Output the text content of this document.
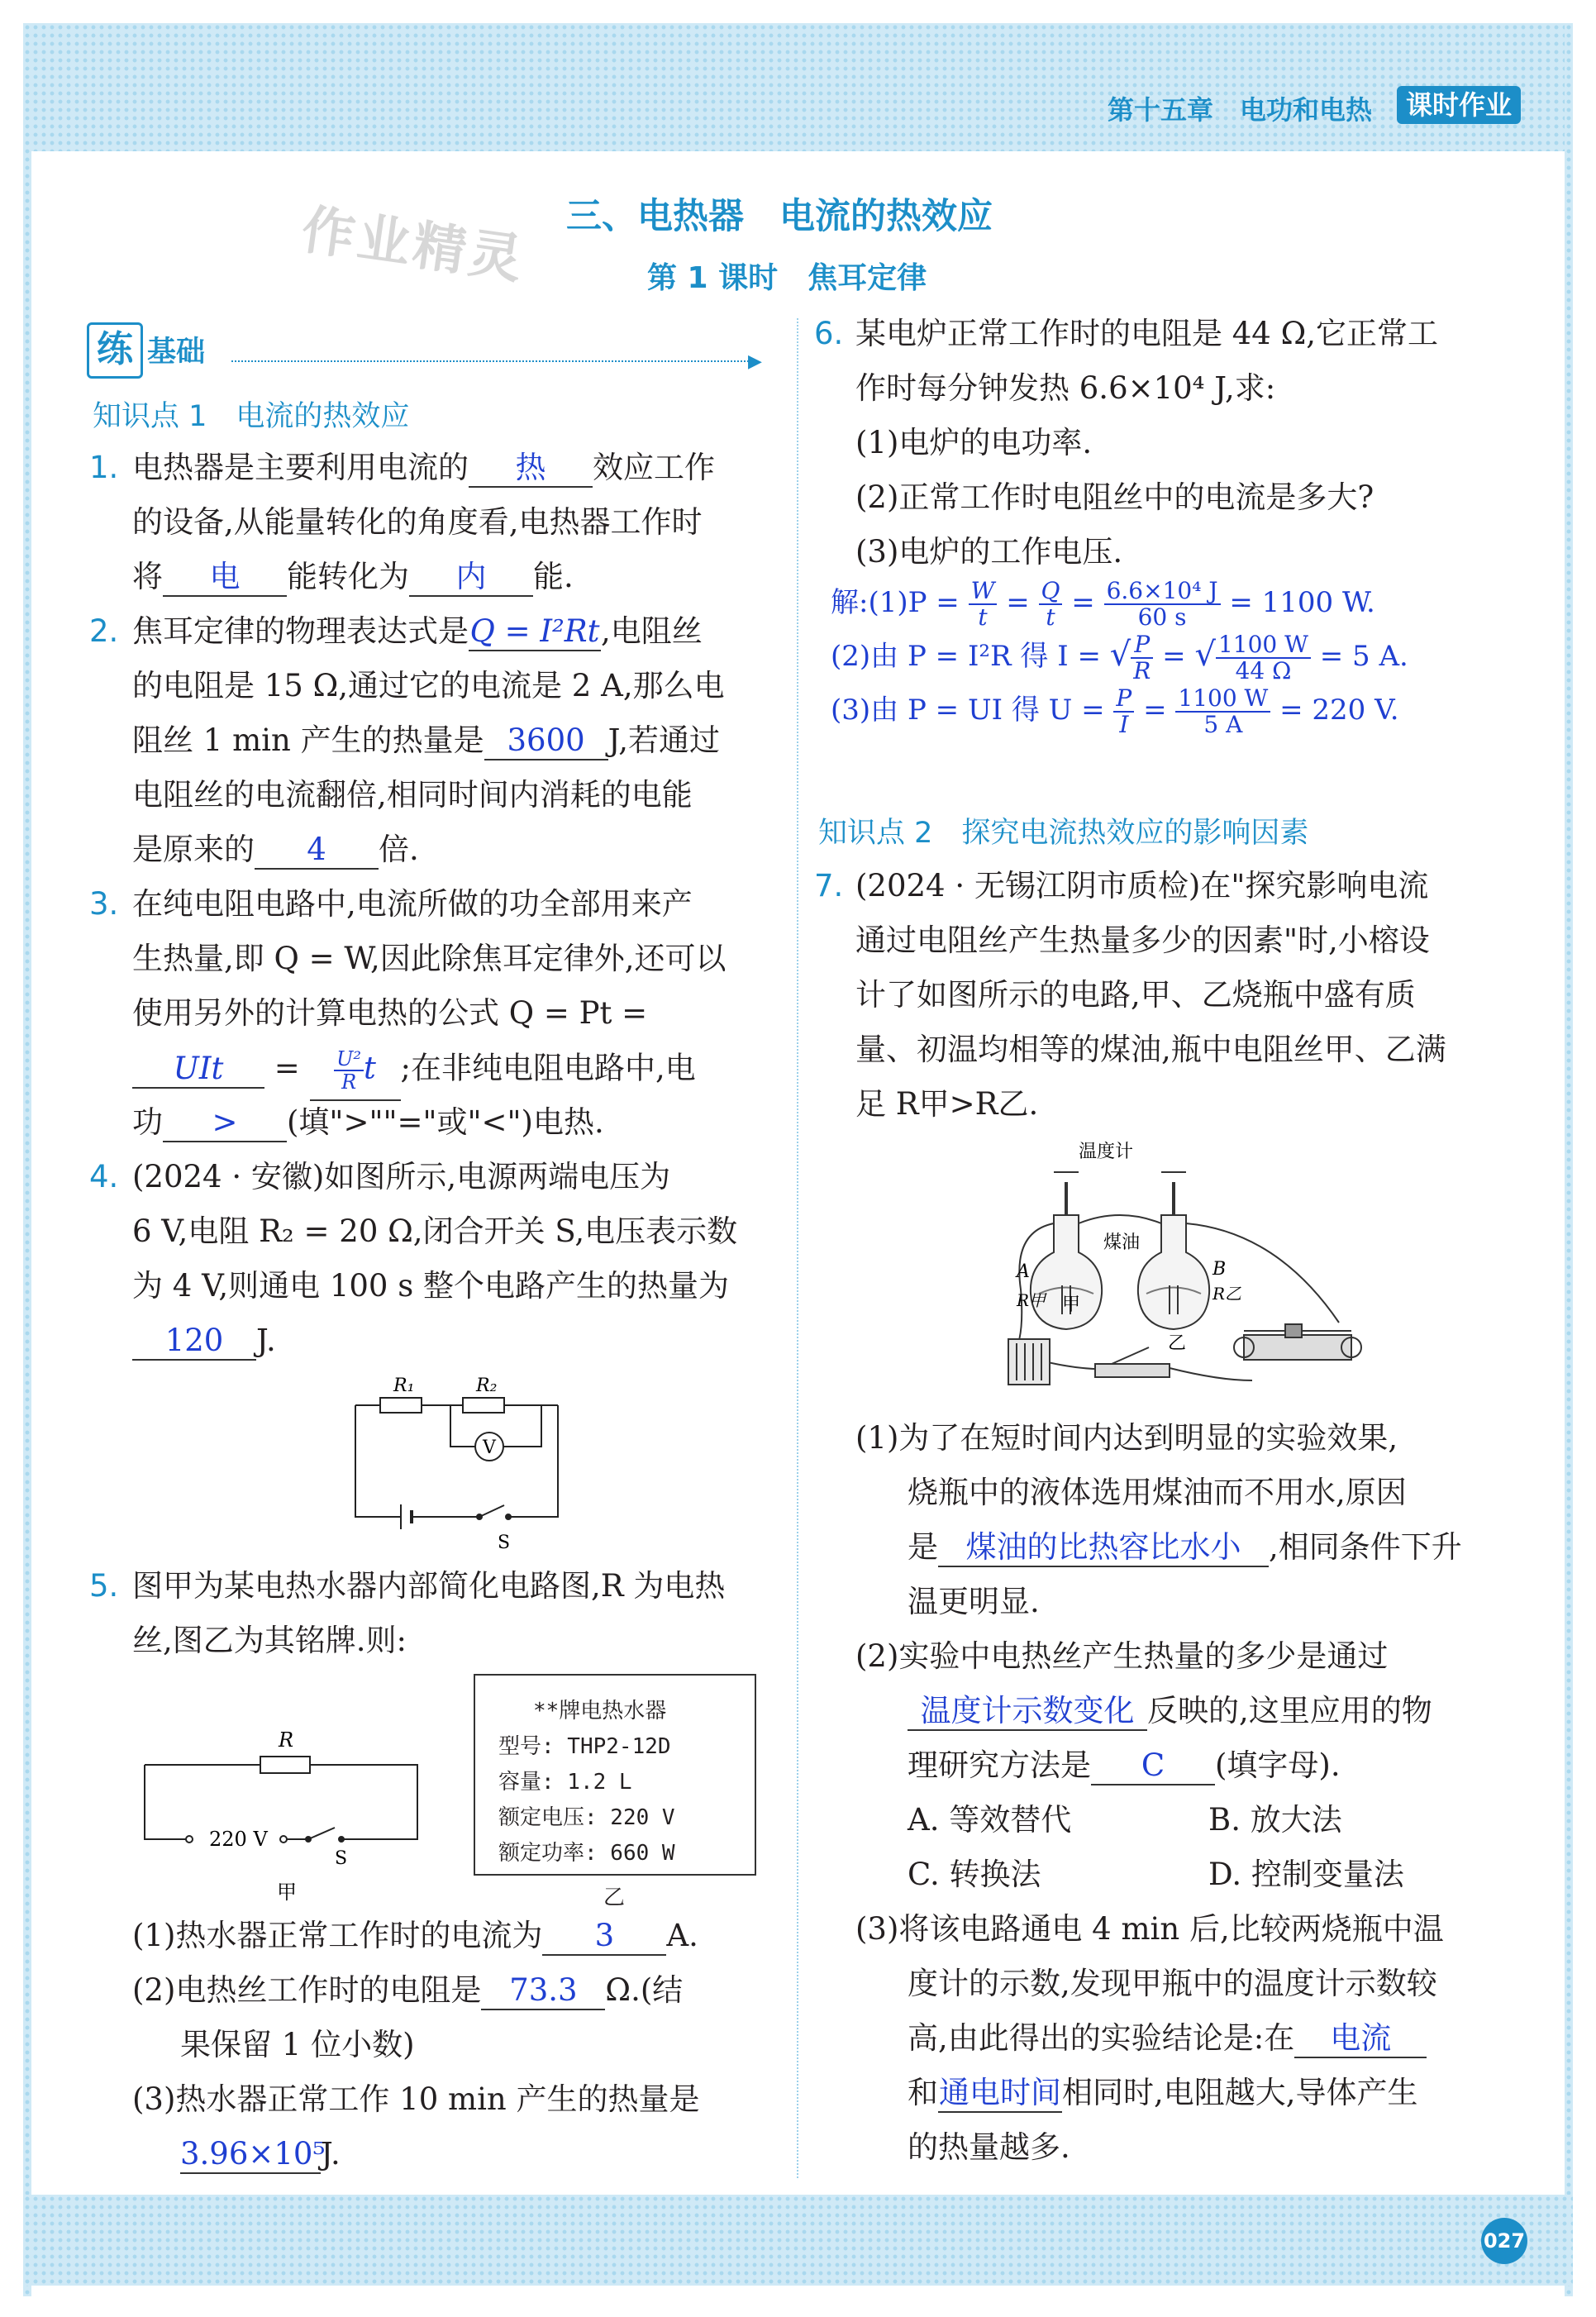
第十五章 电功和电热	课时作业
三、电热器　电流的热效应
第 1 课时　焦耳定律
作业精灵
练 基础	▶
知识点 1　电流的热效应
1. 电热器是主要利用电流的 热 效应工作
的设备,从能量转化的角度看,电热器工作时
将 电 能转化为 内 能.
2. 焦耳定律的物理表达式是Q = I²Rt,电阻丝
的电阻是 15 Ω,通过它的电流是 2 A,那么电
阻丝 1 min 产生的热量是 3600 J,若通过
电阻丝的电流翻倍,相同时间内消耗的电能
是原来的 4 倍.
3. 在纯电阻电路中,电流所做的功全部用来产
生热量,即 Q = W,因此除焦耳定律外,还可以
使用另外的计算电热的公式 Q = Pt =
UIt = $\frac{\text{U²}}{R}$ t ;在非纯电阻电路中,电
功 > (填">""="或"<")电热.
4. (2024 · 安徽)如图所示,电源两端电压为
6 V,电阻 R₂ = 20 Ω,闭合开关 S,电压表示数
为 4 V,则通电 100 s 整个电路产生的热量为
120 J.
R₁	R₂
V
S
5. 图甲为某电热水器内部简化电路图,R 为电热
丝,图乙为其铭牌.则:
R
220 V
S
甲
**牌电热水器
型号: THP2-12D
容量: 1.2 L
额定电压: 220 V
额定功率: 660 W
乙
(1)热水器正常工作时的电流为 3 A.
(2)电热丝工作时的电阻是 73.3 Ω.(结
果保留 1 位小数)
(3)热水器正常工作 10 min 产生的热量是
3.96×10⁵J.
6. 某电炉正常工作时的电阻是 44 Ω,它正常工
作时每分钟发热 6.6×10⁴ J,求:
(1)电炉的电功率.
(2)正常工作时电阻丝中的电流是多大?
(3)电炉的工作电压.
解:(1)P = $\frac{W}{t} = \frac{Q}{t} = \frac{\text{6.6×10⁴ J}}{60 s} = 1100$ W.
(2)由 P = I²R 得 I = √ $\frac{P}{R}$ = √ $\frac{1100 W}{44 \Omega} = 5$ A.
(3)由 P = UI 得 $U = \frac{P}{I} = \frac{1100 W}{5 A} = 220$ V.
知识点 2　探究电流热效应的影响因素
7. (2024 · 无锡江阴市质检)在"探究影响电流
通过电阻丝产生热量多少的因素"时,小榕设
计了如图所示的电路,甲、乙烧瓶中盛有质
量、初温均相等的煤油,瓶中电阻丝甲、乙满
足 R甲>R乙.
温度计
煤油
A	B
R甲	R乙
甲
乙
(1)为了在短时间内达到明显的实验效果,
烧瓶中的液体选用煤油而不用水,原因
是 煤油的比热容比水小 ,相同条件下升
温更明显.
(2)实验中电热丝产生热量的多少是通过
温度计示数变化 反映的,这里应用的物
理研究方法是 C (填字母).
A. 等效替代	B. 放大法
C. 转换法	D. 控制变量法
(3)将该电路通电 4 min 后,比较两烧瓶中温
度计的示数,发现甲瓶中的温度计示数较
高,由此得出的实验结论是:在 电流
和通电时间相同时,电阻越大,导体产生
的热量越多.
027
